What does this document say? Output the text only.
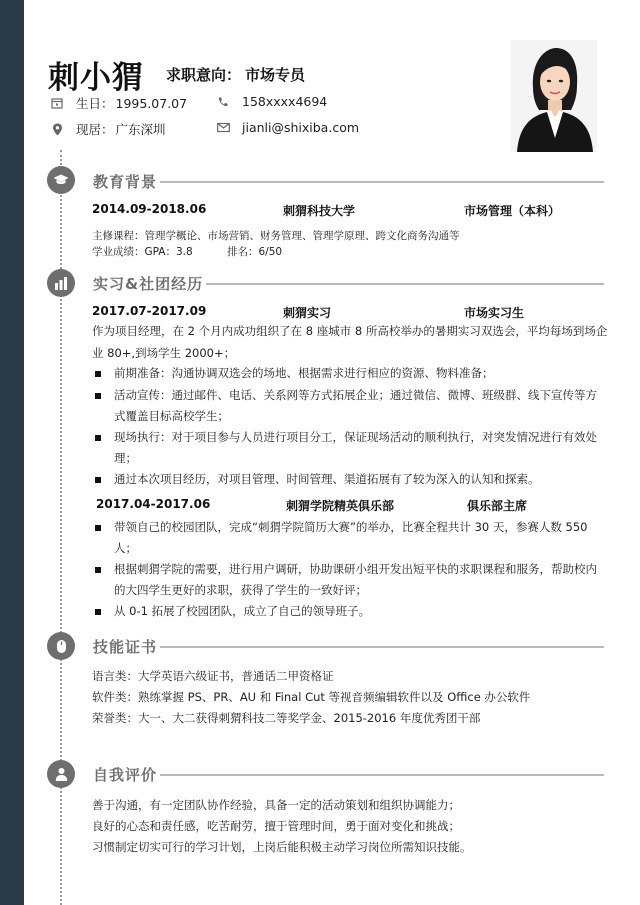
刺小猬 求职意向： 市场专员
生日： 1995.07.07	158xxxx4694
现居： 广东深圳	jianli@shixiba.com
教育背景
2014.09-2018.06	刺猬科技大学	市场管理（本科）
主修课程：管理学概论、市场营销、财务管理、管理学原理、跨文化商务沟通等
学业成绩：GPA：3.8	排名：6/50
实习&社团经历
2017.07-2017.09	刺猬实习	市场实习生
作为项目经理，在 2 个月内成功组织了在 8 座城市 8 所高校举办的暑期实习双选会，平均每场到场企
业 80+,到场学生 2000+；
前期准备：沟通协调双选会的场地、根据需求进行相应的资源、物料准备；
活动宣传：通过邮件、电话、关系网等方式拓展企业；通过微信、微博、班级群、线下宣传等方
式覆盖目标高校学生；
现场执行：对于项目参与人员进行项目分工，保证现场活动的顺利执行，对突发情况进行有效处
理；
通过本次项目经历，对项目管理、时间管理、渠道拓展有了较为深入的认知和探索。
2017.04-2017.06	刺猬学院精英俱乐部	俱乐部主席
带领自己的校园团队，完成“刺猬学院简历大赛”的举办，比赛全程共计 30 天，参赛人数 550
人；
根据刺猬学院的需要，进行用户调研，协助课研小组开发出短平快的求职课程和服务，帮助校内
的大四学生更好的求职，获得了学生的一致好评；
从 0-1 拓展了校园团队，成立了自己的领导班子。
技能证书
语言类：大学英语六级证书，普通话二甲资格证
软件类：熟练掌握 PS、PR、AU 和 Final Cut 等视音频编辑软件以及 Office 办公软件
荣誉类：大一、大二获得刺猬科技二等奖学金、2015-2016 年度优秀团干部
自我评价
善于沟通，有一定团队协作经验，具备一定的活动策划和组织协调能力；
良好的心态和责任感，吃苦耐劳，擅于管理时间，勇于面对变化和挑战；
习惯制定切实可行的学习计划，上岗后能积极主动学习岗位所需知识技能。
